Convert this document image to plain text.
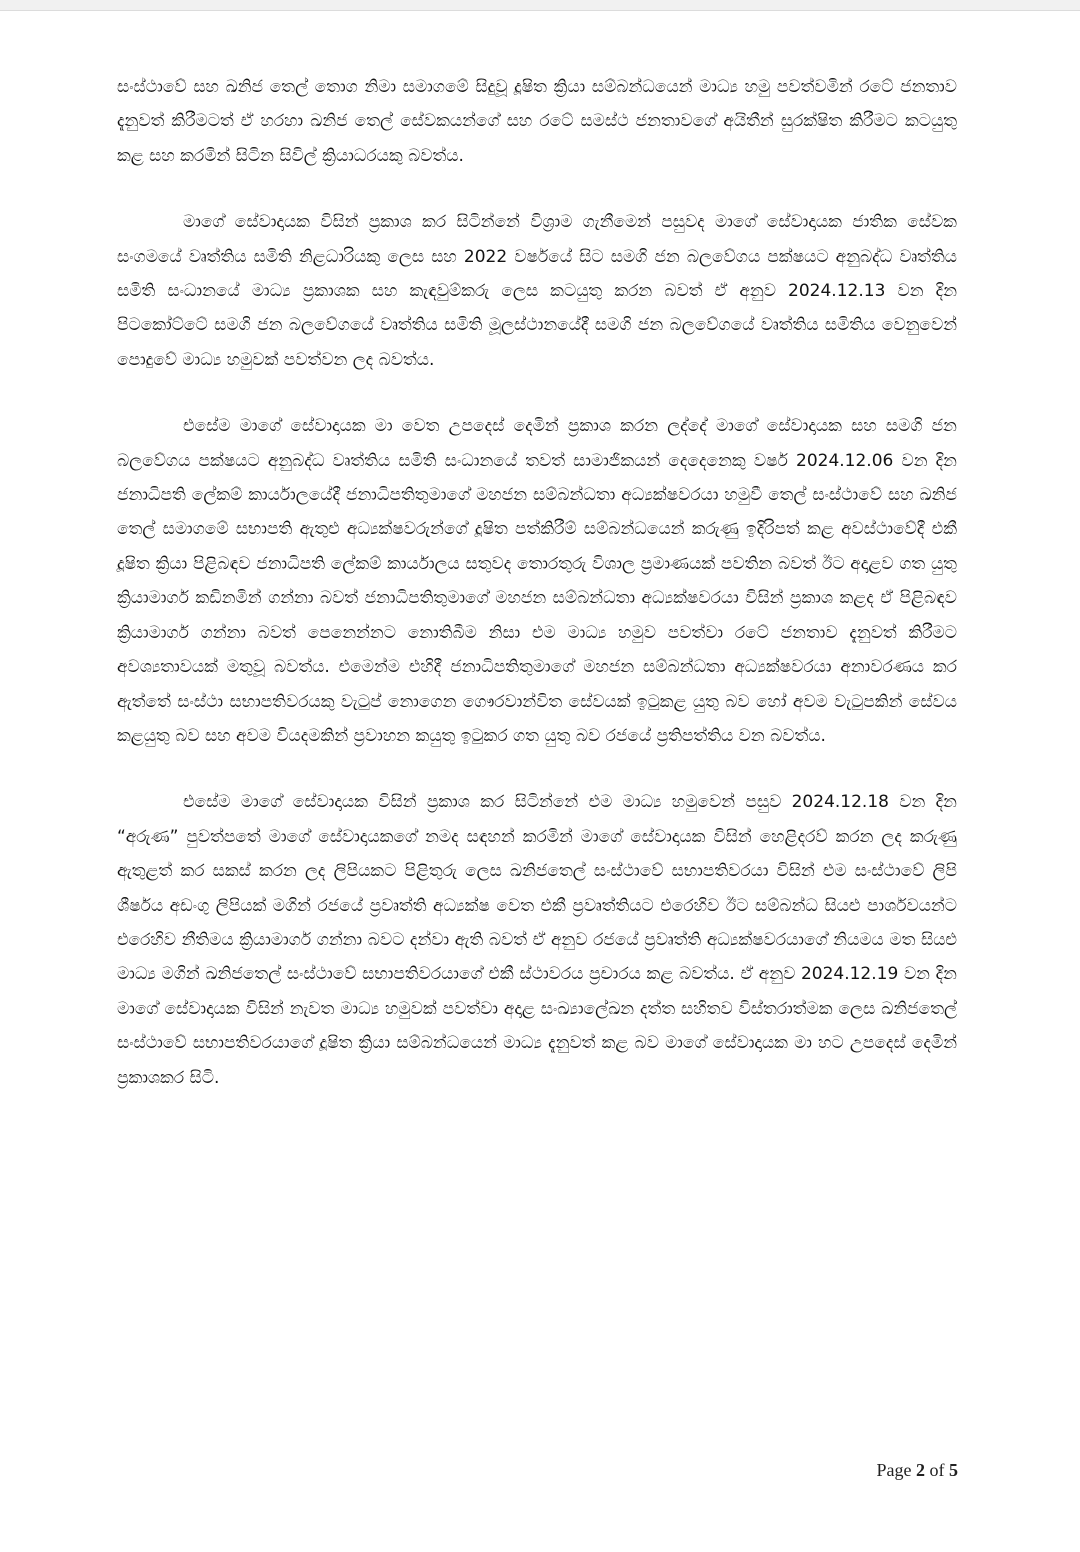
සංස්ථාවේ සහ ඛනිජ තෙල් තොග නිමා සමාගමේ සිදුවූ දූෂිත ක්‍රියා සම්බන්ධයෙන් මාධ්‍ය හමු පවත්වමින් රටේ ජනතාව දැනුවත් කිරීමටත් ඒ හරහා ඛනිජ තෙල් සේවකයන්ගේ සහ රටේ සමස්ථ ජනතාවගේ අයිතීන් සුරක්ෂිත කිරීමට කටයුතු කළ සහ කරමින් සිටින සිවිල් ක්‍රියාධරයකු බවත්ය.

මාගේ සේවාදායක විසින් ප්‍රකාශ කර සිටින්නේ විශ්‍රාම ගැනීමෙන් පසුවද මාගේ සේවාදායක ජාතික සේවක සංගමයේ වෘත්තිය සමිති නිළධාරියකු ලෙස සහ 2022 වර්ෂයේ සිට සමගි ජන බලවේගය පක්ෂයට අනුබද්ධ වෘත්තිය සමිති සංධානයේ මාධ්‍ය ප්‍රකාශක සහ කැඳවුම්කරු ලෙස කටයුතු කරන බවත් ඒ අනුව 2024.12.13 වන දින පිටකෝට්ටේ සමගි ජන බලවේගයේ වෘත්තිය සමිති මූලස්ථානයේදී සමගි ජන බලවේගයේ වෘත්තිය සමිතිය වෙනුවෙන් පොදුවේ මාධ්‍ය හමුවක් පවත්වන ලද බවත්ය.

එසේම මාගේ සේවාදායක මා වෙත උපදෙස් දෙමින් ප්‍රකාශ කරන ලද්දේ මාගේ සේවාදායක සහ සමගි ජන බලවේගය පක්ෂයට අනුබද්ධ වෘත්තිය සමිති සංධානයේ තවත් සාමාජිකයන් දෙදෙනෙකු වර්ෂ 2024.12.06 වන දින ජනාධිපති ලේකම් කාර්යාලයේදී ජනාධිපතිතුමාගේ මහජන සම්බන්ධතා අධ්‍යක්ෂවරයා හමුවී තෙල් සංස්ථාවේ සහ ඛනිජ තෙල් සමාගමේ සභාපති ඇතුළු අධ්‍යක්ෂවරුන්ගේ දූෂිත පත්කිරීම් සම්බන්ධයෙන් කරුණු ඉදිරිපත් කළ අවස්ථාවේදී එකී දූෂිත ක්‍රියා පිළිබඳව ජනාධිපති ලේකම් කාර්යාලය සතුවද තොරතුරු විශාල ප්‍රමාණයක් පවතින බවත් ඊට අදාළව ගත යුතු ක්‍රියාමාර්ග කඩිනමින් ගන්නා බවත් ජනාධිපතිතුමාගේ මහජන සම්බන්ධතා අධ්‍යක්ෂවරයා විසින් ප්‍රකාශ කළද ඒ පිළිබඳව ක්‍රියාමාර්ග ගන්නා බවත් පෙනෙන්නට නොතිබීම නිසා එම මාධ්‍ය හමුව පවත්වා රටේ ජනතාව දැනුවත් කිරීමට අවශ්‍යතාවයක් මතුවූ බවත්ය. එමෙන්ම එහිදී ජනාධිපතිතුමාගේ මහජන සම්බන්ධතා අධ්‍යක්ෂවරයා අනාවරණය කර ඇත්තේ සංස්ථා සභාපතිවරයකු වැටුප් නොගෙන ගෞරවාන්විත සේවයක් ඉටුකළ යුතු බව හෝ අවම වැටුපකින් සේවය කළයුතු බව සහ අවම වියදමකින් ප්‍රවාහන කයුතු ඉටුකර ගත යුතු බව රජයේ ප්‍රතිපත්තිය වන බවත්ය.

එසේම මාගේ සේවාදායක විසින් ප්‍රකාශ කර සිටින්නේ එම මාධ්‍ය හමුවෙන් පසුව 2024.12.18 වන දින “අරුණ” පුවත්පතේ මාගේ සේවාදායකගේ නමද සඳහන් කරමින් මාගේ සේවාදායක විසින් හෙළිදරව් කරන ලද කරුණු ඇතුළත් කර සකස් කරන ලද ලිපියකට පිළිතුරු ලෙස ඛනිජතෙල් සංස්ථාවේ සභාපතිවරයා විසින් එම සංස්ථාවේ ලිපි ශීර්ෂය අඩංගු ලිපියක් මගින් රජයේ ප්‍රවෘත්ති අධ්‍යක්ෂ වෙත එකී ප්‍රවෘත්තියට එරෙහිව ඊට සම්බන්ධ සියළු පාර්ශවයන්ට එරෙහිව නීතිමය ක්‍රියාමාර්ග ගන්නා බවට දන්වා ඇති බවත් ඒ අනුව රජයේ ප්‍රවෘත්ති අධ්‍යක්ෂවරයාගේ නියමය මත සියළු මාධ්‍ය මගින් ඛනිජතෙල් සංස්ථාවේ සභාපතිවරයාගේ එකී ස්ථාවරය ප්‍රචාරය කළ බවත්ය. ඒ අනුව 2024.12.19 වන දින මාගේ සේවාදායක විසින් නැවත මාධ්‍ය හමුවක් පවත්වා අදාළ සංඛ්‍යාලේඛන දත්ත සහිතව විස්තරාත්මක ලෙස ඛනිජතෙල් සංස්ථාවේ සභාපතිවරයාගේ දූෂිත ක්‍රියා සම්බන්ධයෙන් මාධ්‍ය දැනුවත් කළ බව මාගේ සේවාදායක මා හට උපදෙස් දෙමින් ප්‍රකාශකර සිටි.

Page 2 of 5
